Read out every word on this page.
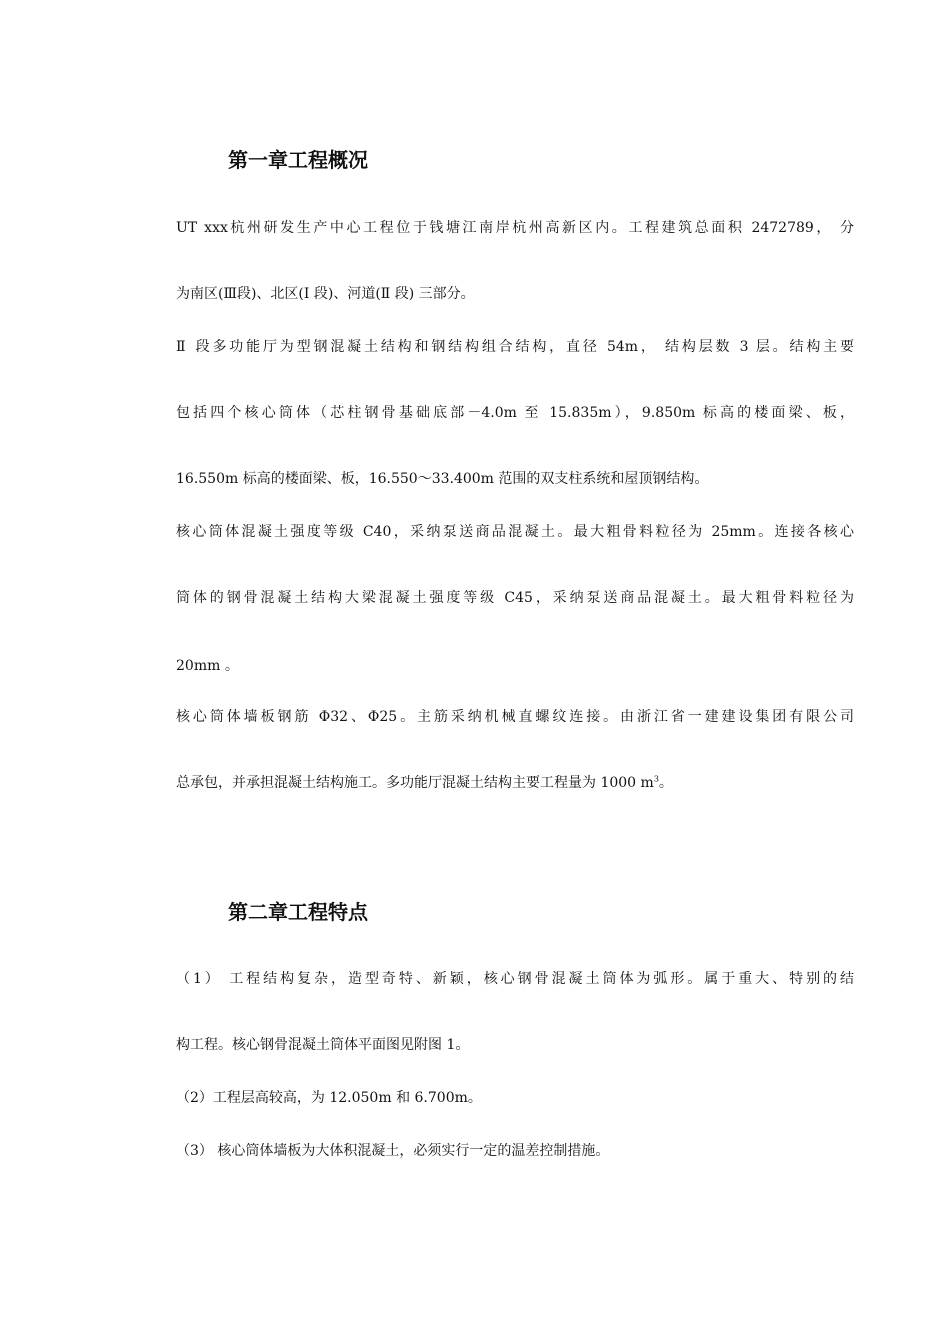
第一章工程概况

UT xxx杭州研发生产中心工程位于钱塘江南岸杭州高新区内。工程建筑总面积 2472789， 分

为南区(Ⅲ段)、北区(Ⅰ 段)、河道(Ⅱ 段) 三部分。

Ⅱ 段多功能厅为型钢混凝土结构和钢结构组合结构，直径 54m， 结构层数 3 层。结构主要

包括四个核心筒体（芯柱钢骨基础底部－4.0m 至 15.835m），9.850m 标高的楼面梁、板，

16.550m 标高的楼面梁、板，16.550～33.400m 范围的双支柱系统和屋顶钢结构。

核心筒体混凝土强度等级 C40，采纳泵送商品混凝土。最大粗骨料粒径为 25mm。连接各核心

筒体的钢骨混凝土结构大梁混凝土强度等级 C45，采纳泵送商品混凝土。最大粗骨料粒径为

20mm 。

核心筒体墙板钢筋 Φ32、Φ25。主筋采纳机械直螺纹连接。由浙江省一建建设集团有限公司

总承包，并承担混凝土结构施工。多功能厅混凝土结构主要工程量为 1000 $m^3$。

第二章工程特点

（1） 工程结构复杂，造型奇特、新颖，核心钢骨混凝土筒体为弧形。属于重大、特别的结

构工程。核心钢骨混凝土筒体平面图见附图 1。

（2）工程层高较高，为 12.050m 和 6.700m。

（3） 核心筒体墙板为大体积混凝土，必须实行一定的温差控制措施。
